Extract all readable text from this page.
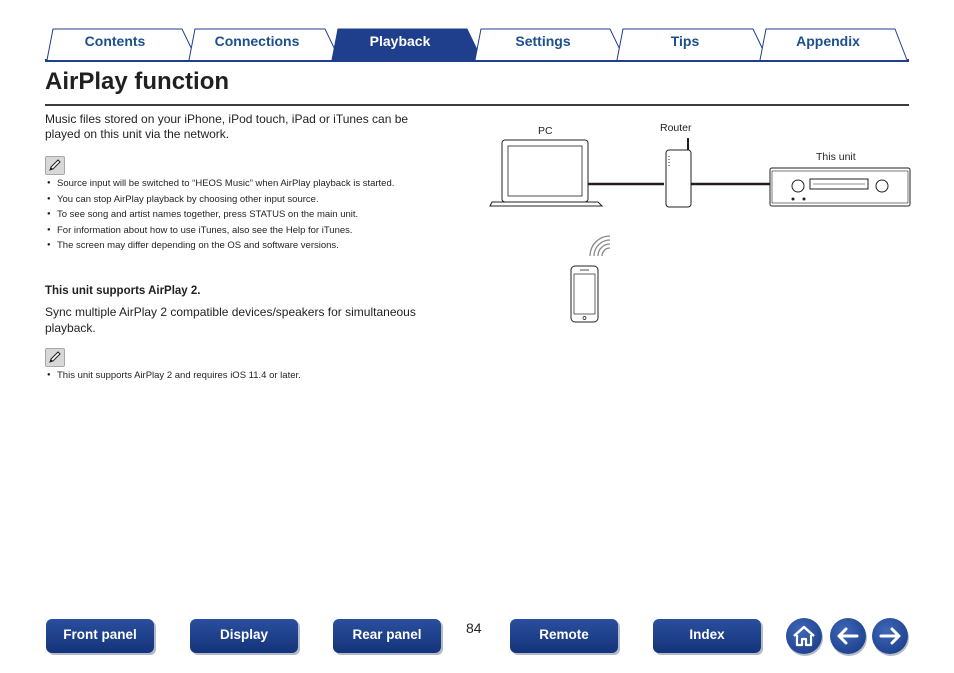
Contents	Connections	Playback	Settings	Tips	Appendix
AirPlay function
Music files stored on your iPhone, iPod touch, iPad or iTunes can be played on this unit via the network.
● Source input will be switched to “HEOS Music” when AirPlay playback is started.
● You can stop AirPlay playback by choosing other input source.
● To see song and artist names together, press STATUS on the main unit.
● For information about how to use iTunes, also see the Help for iTunes.
● The screen may differ depending on the OS and software versions.
This unit supports AirPlay 2.
Sync multiple AirPlay 2 compatible devices/speakers for simultaneous playback.
● This unit supports AirPlay 2 and requires iOS 11.4 or later.
PC	Router
This unit
Front panel	Display	Rear panel	84	Remote	Index
